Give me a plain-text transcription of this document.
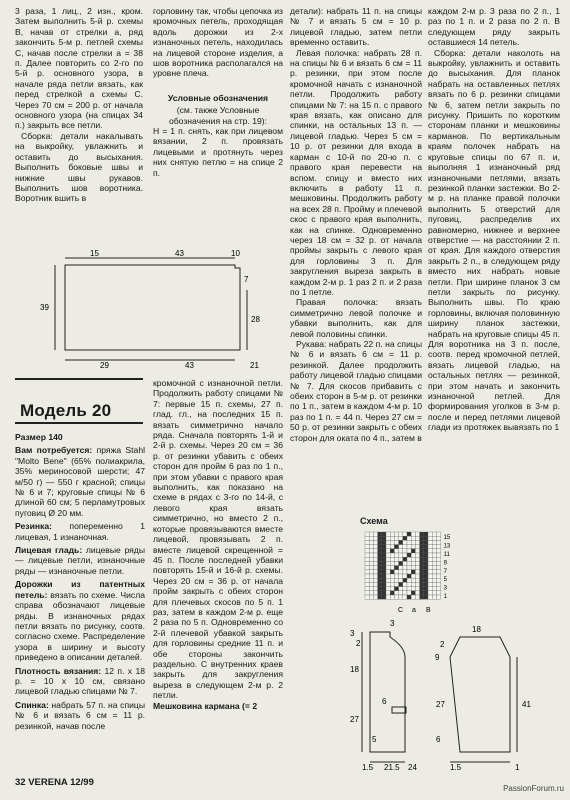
3 раза, 1 лиц., 2 изн., кром. Затем выполнить 5-й р. схемы B, начав от стрелки a, ряд закончить 5-м р. петлей схемы C, начав после стрелки a = 38 п. Далее повторить со 2-го по 5-й р. основного узора, в начале ряда петли вязать, как перед стрелкой a схемы C. Через 70 см = 200 р. от начала основного узора (на спицах 34 п.) закрыть все петли.

Сборка: детали накалывать на выкройку, увлажнить и оставить до высыхания. Выполнить боковые швы и нижние швы рукавов. Выполнить шов воротника. Воротник вшить в

горловину так, чтобы цепочка из кромочных петель, проходящая вдоль дорожки из 2-х изнаночных петель, находилась на лицевой стороне изделия, а шов воротника располагался на уровне плеча.

Условные обозначения
(см. также Условные обозначения на стр. 19):

Н = 1 п. снять, как при лицевом вязании, 2 п. провязать лицевыми и протянуть через них снятую петлю = на спице 2 п.

детали): набрать 11 п. на спицы № 7 и вязать 5 см = 10 р. лицевой гладью, затем петли временно оставить.

Левая полочка: набрать 28 п. на спицы № 6 и вязать 6 см = 11 р. резинки, при этом после кромочной начать с изнаночной петли. Продолжить работу спицами № 7: на 15 п. с правого края вязать, как описано для спинки, на остальных 13 п. — лицевой гладью. Через 5 см = 10 р. от резинки для входа в карман с 10-й по 20-ю п. с правого края перевести на вспом. спицу и вместо них включить в работу 11 п. мешковины. Продолжить работу на всех 28 п. Пройму и плечевой скос с правого края выполнить, как на спинке. Одновременно через 18 см = 32 р. от начала проймы закрыть с левого края для горловины 3 п. Для закругления выреза закрыть в каждом 2-м р. 1 раз 2 п. и 2 раза по 1 петле.

Правая полочка: вязать симметрично левой полочке и убавки выполнить, как для левой половины спинки.

Рукава: набрать 22 п. на спицы № 6 и вязать 6 см = 11 р. резинкой. Далее продолжить работу лицевой гладью спицами № 7. Для скосов прибавить с обеих сторон в 5-м р. от резинки по 1 п., затем в каждом 4-м р. 10 раз по 1 п. = 44 п. Через 27 см = 50 р. от резинки закрыть с обеих сторон для оката по 4 п., затем в

каждом 2-м р. 3 раза по 2 п., 1 раз по 1 п. и 2 раза по 2 п. В следующем ряду закрыть оставшиеся 14 петель.

Сборка: детали наколоть на выкройку, увлажнить и оставить до высыхания. Для планок набрать на оставленных петлях вязать по 6 р. резинки спицами № 6, затем петли закрыть по рисунку. Пришить по коротким сторонам планки и мешковины карманов. По вертикальным краям полочек набрать на круговые спицы по 67 п. и, выполняя 1 изнаночный ряд изнаночными петлями, вязать резинкой планки застежки. Во 2-м р. на планке правой полочки выполнить 5 отверстий для пуговиц, распределив их равномерно, нижнее и верхнее отверстие — на расстоянии 2 п. от края. Для каждого отверстия закрыть 2 п., в следующем ряду вместо них набрать новые петли. При ширине планок 3 см петли закрыть по рисунку. Выполнить швы. По краю горловины, включая половинную ширину планок застежки, набрать на круговые спицы 45 п. Для воротника на 3 п. после, соотв. перед кромочной петлей, вязать лицевой гладью, на остальных петлях — резинкой, при этом начать и закончить изнаночной петлей. Для формирования уголков в 3-м р. после и перед петлями лицевой глади из протяжек вывязать по 1

15	43	10
7
28
39
29	43	21
Модель 20
Размер 140

Вам потребуется: пряжа Stahl "Molto Bene" (65% полиакрила, 35% мериносовой шерсти; 47 м/50 г) — 550 г красной; спицы № 6 и 7; круговые спицы № 6 длиной 60 см; 5 перламутровых пуговиц Ø 20 мм.

Резинка: попеременно 1 лицевая, 1 изнаночная.

Лицевая гладь: лицевые ряды — лицевые петли, изнаночные ряды — изнаночные петли.

Дорожки из патентных петель: вязать по схеме. Числа справа обозначают лицевые ряды. В изнаночных рядах петли вязать по рисунку, соотв. согласно схеме. Распределение узора в ширину и высоту приведено в описании деталей.

Плотность вязания: 12 п. х 18 р. = 10 х 10 см, связано лицевой гладью спицами № 7.

Спинка: набрать 57 п. на спицы № 6 и вязать 6 см = 11 р. резинкой, начав после

кромочной с изнаночной петли. Продолжить работу спицами № 7: первые 15 п. схемы, 27 п. глад. гл., на последних 15 п. вязать симметрично начало ряда. Сначала повторять 1-й и 2-й р. схемы. Через 20 см = 36 р. от резинки убавить с обеих сторон для пройм 6 раз по 1 п., при этом убавки с правого края выполнить, как показано на схеме в рядах с 3-го по 14-й, с левого края вязать симметрично, но вместо 2 п., которые провязываются вместе лицевой, провязывать 2 п. вместе лицевой скрещенной = 45 п. После последней убавки повторять 15-й и 16-й р. схемы. Через 20 см = 36 р. от начала пройм закрыть с обеих сторон для плечевых скосов по 5 п. 1 раз, затем в каждом 2-м р. еще 2 раза по 5 п. Одновременно со 2-й плечевой убавкой закрыть для горловины средние 11 п. и обе стороны закончить раздельно. С внутренних краев закрыть для закругления выреза в следующем 2-м р. 2 петли.

Мешковина кармана (= 2

Схема
15
13
11
9
7
5
3
1
C a B
3
2
18
6
27
5
1.5 21.5 24
3
18
2
9
27
6
41
1.5	1
32 VERENA 12/99
PassionForum.ru
